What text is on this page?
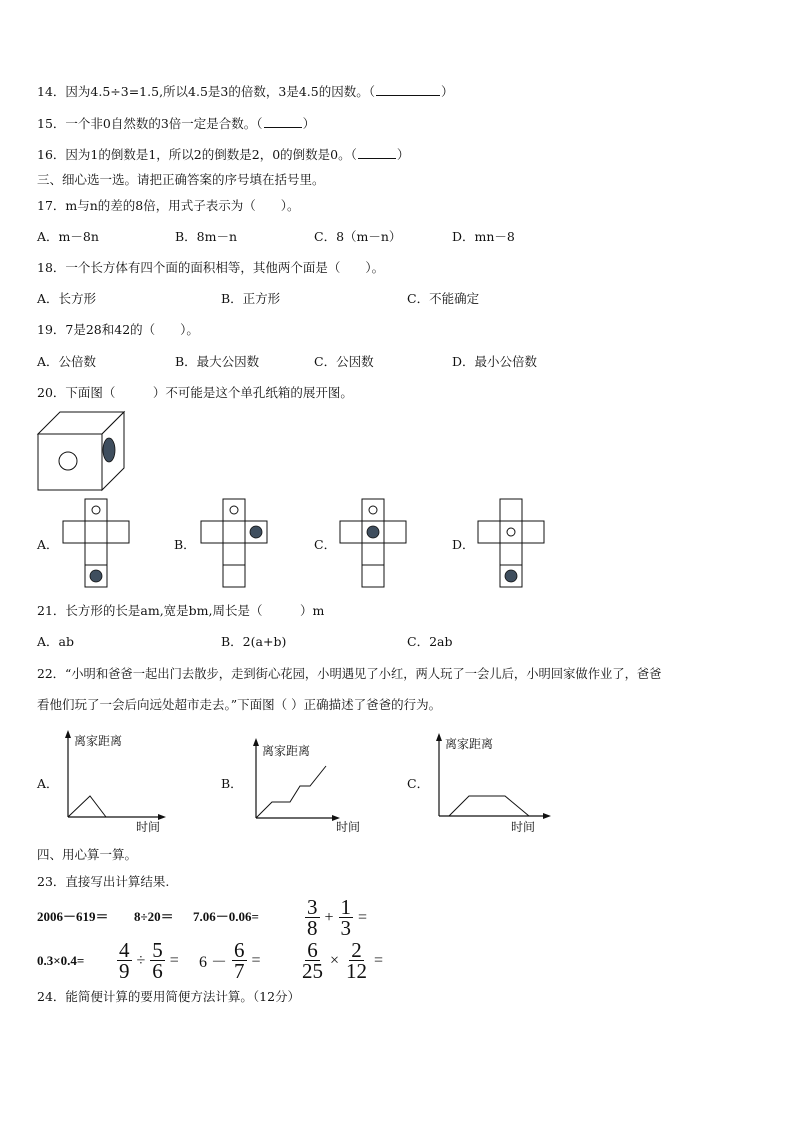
14．因为4.5÷3=1.5,所以4.5是3的倍数，3是4.5的因数。（	）
15．一个非0自然数的3倍一定是合数。（	）
16．因为1的倒数是1，所以2的倒数是2，0的倒数是0。（	）
三、细心选一选。请把正确答案的序号填在括号里。
17．m与n的差的8倍，用式子表示为（　　）。
A．m－8n	B．8m－n	C．8（m－n）	D．mn－8
18．一个长方体有四个面的面积相等，其他两个面是（　　）。
A．长方形	B．正方形	C．不能确定
19．7是28和42的（　　）。
A．公倍数	B．最大公因数	C．公因数	D．最小公倍数
20．下面图（　　　）不可能是这个单孔纸箱的展开图。
A．	B．	C．	D．
21．长方形的长是am,宽是bm,周长是（　　　）m
A．ab	B．2(a+b)	C．2ab
22．“小明和爸爸一起出门去散步，走到街心花园，小明遇见了小红，两人玩了一会儿后，小明回家做作业了，爸爸
看他们玩了一会后向远处超市走去。”下面图（ ）正确描述了爸爸的行为。
A．
离家距离
时间
B．
离家距离
时间
C．
离家距离
时间
四、用心算一算。
23．直接写出计算结果.
$2006-619= 8\div 20= 7.06-0.06= \frac{3}{8} + \frac{1}{3}$ =
$0.3\times 0.4= \frac{4}{9} \div \frac{5}{6} = 6 - \frac{6}{7} = \frac{6}{25} \times \frac{2}{12}$ =
24．能简便计算的要用简便方法计算。（12分）
